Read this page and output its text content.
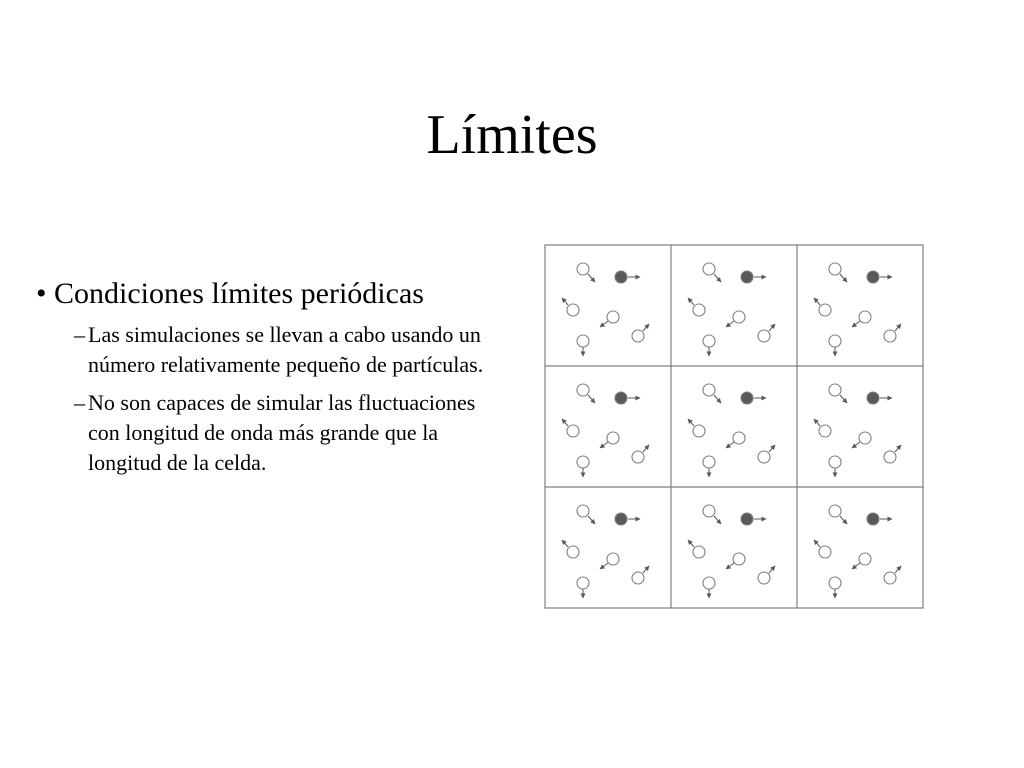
Límites
• Condiciones límites periódicas
– Las simulaciones se llevan a cabo usando un número relativamente pequeño de partículas.
– No son capaces de simular las fluctuaciones con longitud de onda más grande que la longitud de la celda.
